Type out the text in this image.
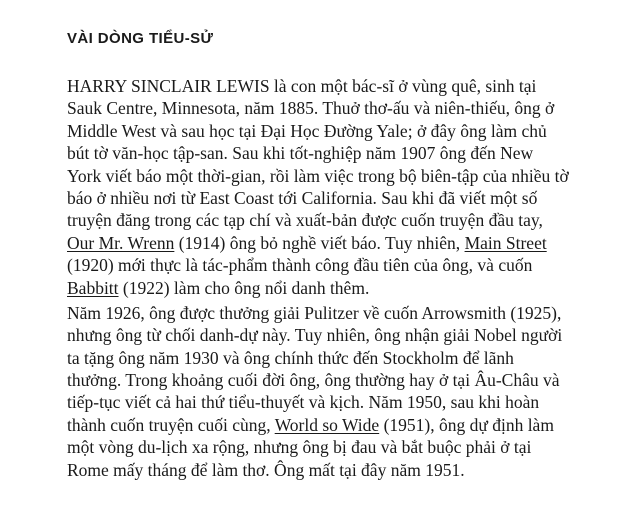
VÀI DÒNG TIỂU-SỬ

HARRY SINCLAIR LEWIS là con một bác-sĩ ở vùng quê, sinh tại
Sauk Centre, Minnesota, năm 1885. Thuở thơ-ấu và niên-thiếu, ông ở
Middle West và sau học tại Đại Học Đường Yale; ở đây ông làm chủ
bút tờ văn-học tập-san. Sau khi tốt-nghiệp năm 1907 ông đến New
York viết báo một thời-gian, rồi làm việc trong bộ biên-tập của nhiều tờ
báo ở nhiều nơi từ East Coast tới California. Sau khi đã viết một số
truyện đăng trong các tạp chí và xuất-bản được cuốn truyện đầu tay,
Our Mr. Wrenn (1914) ông bỏ nghề viết báo. Tuy nhiên, Main Street
(1920) mới thực là tác-phẩm thành công đầu tiên của ông, và cuốn
Babbitt (1922) làm cho ông nổi danh thêm.

Năm 1926, ông được thưởng giải Pulitzer về cuốn Arrowsmith (1925),
nhưng ông từ chối danh-dự này. Tuy nhiên, ông nhận giải Nobel người
ta tặng ông năm 1930 và ông chính thức đến Stockholm để lãnh
thưởng. Trong khoảng cuối đời ông, ông thường hay ở tại Âu-Châu và
tiếp-tục viết cả hai thứ tiểu-thuyết và kịch. Năm 1950, sau khi hoàn
thành cuốn truyện cuối cùng, World so Wide (1951), ông dự định làm
một vòng du-lịch xa rộng, nhưng ông bị đau và bắt buộc phải ở tại
Rome mấy tháng để làm thơ. Ông mất tại đây năm 1951.
